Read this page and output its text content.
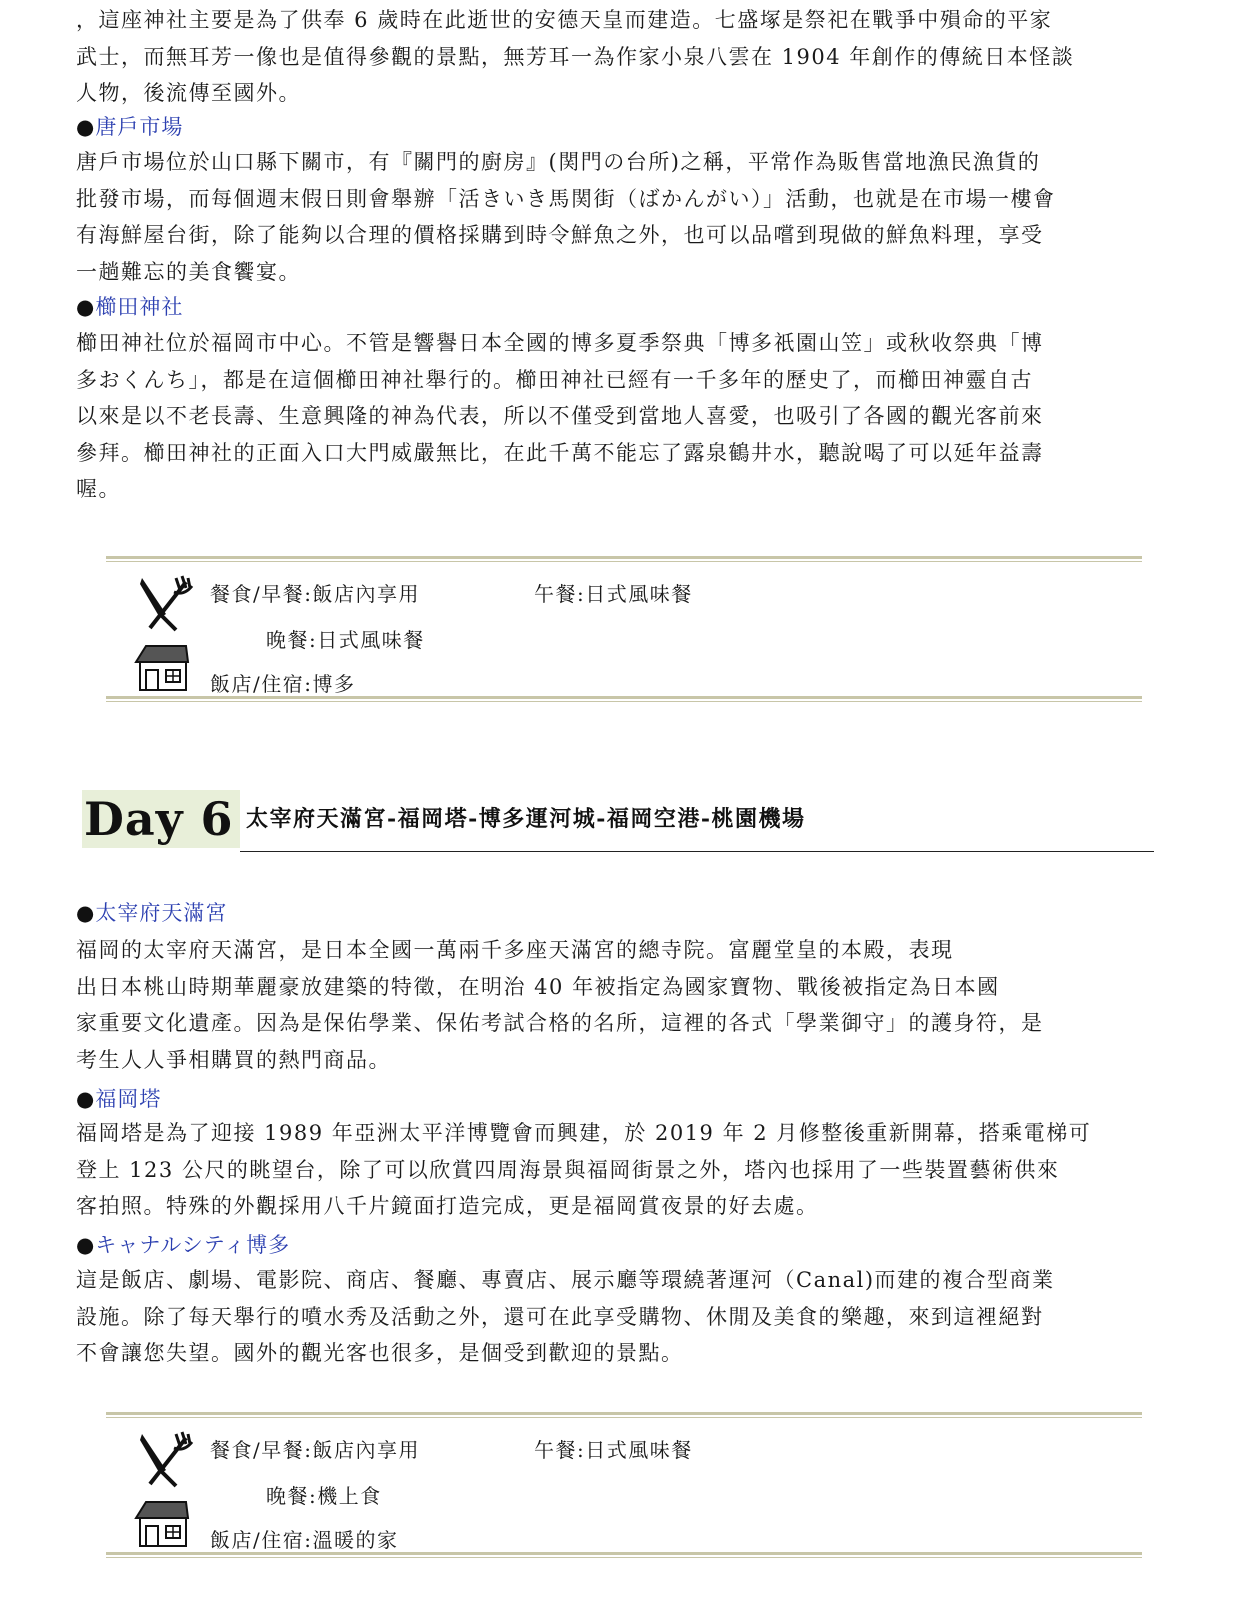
，這座神社主要是為了供奉 6 歲時在此逝世的安德天皇而建造。七盛塚是祭祀在戰爭中殞命的平家
武士，而無耳芳一像也是值得參觀的景點，無芳耳一為作家小泉八雲在 1904 年創作的傳統日本怪談
人物，後流傳至國外。
●唐戶市場
唐戶市場位於山口縣下關市，有『關門的廚房』(関門の台所)之稱，平常作為販售當地漁民漁貨的
批發市場，而每個週末假日則會舉辦「活きいき馬関街（ばかんがい）」活動，也就是在市場一樓會
有海鮮屋台街，除了能夠以合理的價格採購到時令鮮魚之外，也可以品嚐到現做的鮮魚料理，享受
一趟難忘的美食饗宴。
●櫛田神社
櫛田神社位於福岡市中心。不管是響譽日本全國的博多夏季祭典「博多祇園山笠」或秋收祭典「博
多おくんち」，都是在這個櫛田神社舉行的。櫛田神社已經有一千多年的歷史了，而櫛田神靈自古
以來是以不老長壽、生意興隆的神為代表，所以不僅受到當地人喜愛，也吸引了各國的觀光客前來
參拜。櫛田神社的正面入口大門威嚴無比，在此千萬不能忘了露泉鶴井水，聽說喝了可以延年益壽
喔。
餐食/早餐:飯店內享用	午餐:日式風味餐
晚餐:日式風味餐
飯店/住宿:博多
Day 6 太宰府天滿宮-福岡塔-博多運河城-福岡空港-桃園機場
●太宰府天滿宮
福岡的太宰府天滿宮，是日本全國一萬兩千多座天滿宮的總寺院。富麗堂皇的本殿，表現
出日本桃山時期華麗豪放建築的特徵，在明治 40 年被指定為國家寶物、戰後被指定為日本國
家重要文化遺產。因為是保佑學業、保佑考試合格的名所，這裡的各式「學業御守」的護身符，是
考生人人爭相購買的熱門商品。
●福岡塔
福岡塔是為了迎接 1989 年亞洲太平洋博覽會而興建，於 2019 年 2 月修整後重新開幕，搭乘電梯可
登上 123 公尺的眺望台，除了可以欣賞四周海景與福岡街景之外，塔內也採用了一些裝置藝術供來
客拍照。特殊的外觀採用八千片鏡面打造完成，更是福岡賞夜景的好去處。
●キャナルシティ博多
這是飯店、劇場、電影院、商店、餐廳、專賣店、展示廳等環繞著運河（Canal)而建的複合型商業
設施。除了每天舉行的噴水秀及活動之外，還可在此享受購物、休閒及美食的樂趣，來到這裡絕對
不會讓您失望。國外的觀光客也很多，是個受到歡迎的景點。
餐食/早餐:飯店內享用	午餐:日式風味餐
晚餐:機上食
飯店/住宿:溫暖的家
